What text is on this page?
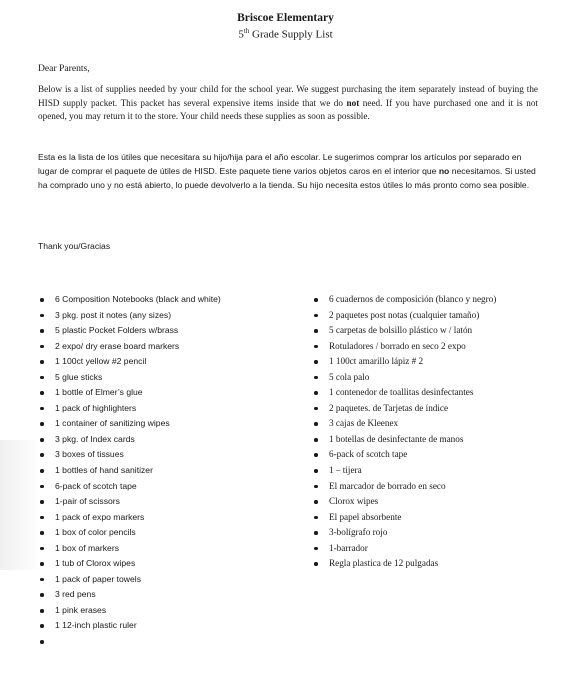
Briscoe Elementary
5th Grade Supply List
Dear Parents,
Below is a list of supplies needed by your child for the school year. We suggest purchasing the item separately instead of buying the HISD supply packet. This packet has several expensive items inside that we do not need. If you have purchased one and it is not opened, you may return it to the store. Your child needs these supplies as soon as possible.
Esta es la lista de los útiles que necesitara su hijo/hija para el año escolar. Le sugerimos comprar los artículos por separado en lugar de comprar el paquete de útiles de HISD. Este paquete tiene varios objetos caros en el interior que no necesitamos. Si usted ha comprado uno y no está abierto, lo puede devolverlo a la tienda. Su hijo necesita estos útiles lo más pronto como sea posible.
Thank you/Gracias
6 Composition Notebooks (black and white)
3 pkg. post it notes (any sizes)
5 plastic Pocket Folders w/brass
2 expo/ dry erase board markers
1 100ct yellow #2 pencil
5 glue sticks
1 bottle of Elmer’s glue
1 pack of highlighters
1 container of sanitizing wipes
3 pkg. of Index cards
3 boxes of tissues
1 bottles of hand sanitizer
6-pack of scotch tape
1-pair of scissors
1 pack of expo markers
1 box of color pencils
1 box of markers
1 tub of Clorox wipes
1 pack of paper towels
3 red pens
1 pink erases
1 12-inch plastic ruler

6 cuadernos de composición (blanco y negro)
2 paquetes post notas (cualquier tamaño)
5 carpetas de bolsillo plástico w / latón
Rotuladores / borrado en seco 2 expo
1 100ct amarillo lápiz # 2
5 cola palo
1 contenedor de toallitas desinfectantes
2 paquetes. de Tarjetas de índice
3 cajas de Kleenex
1 botellas de desinfectante de manos
6-pack of scotch tape
1 – tijera
El marcador de borrado en seco
Clorox wipes
El papel absorbente
3-bolígrafo rojo
1-barrador
Regla plastica de 12 pulgadas
